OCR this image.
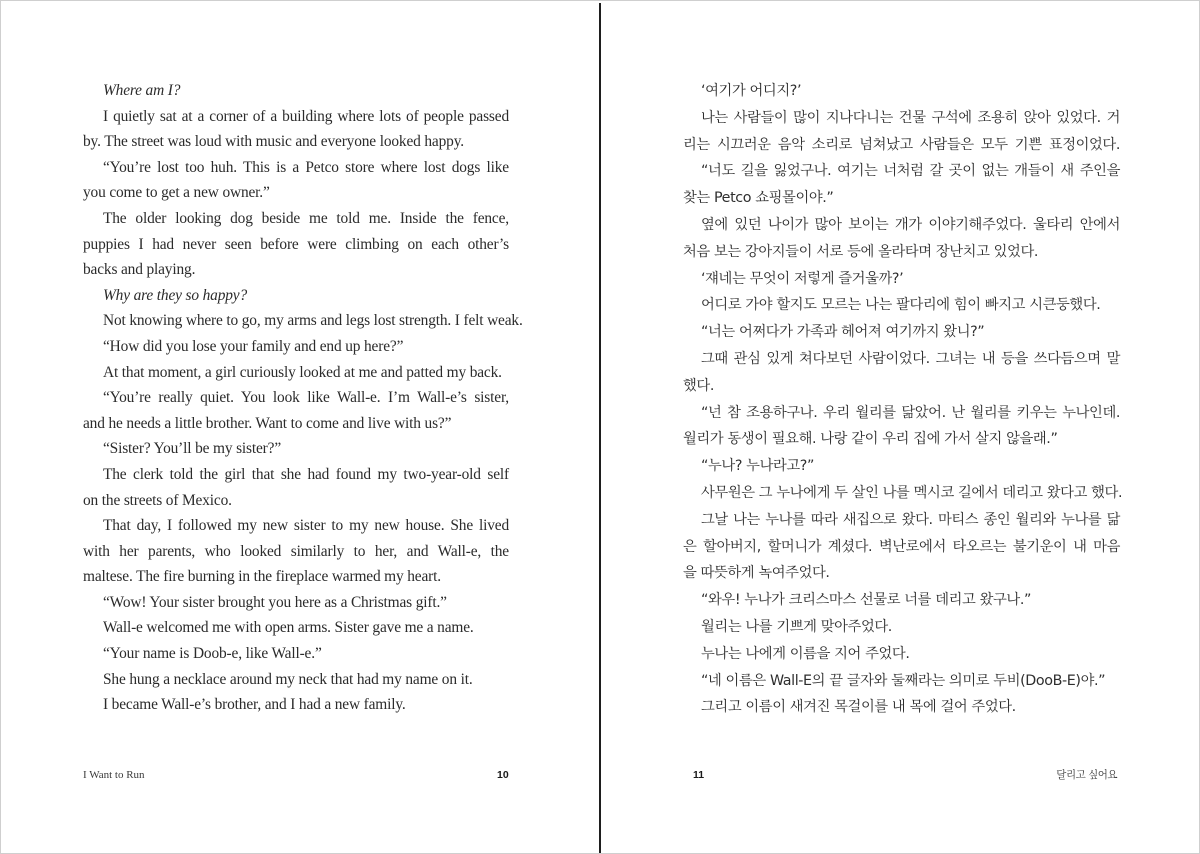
Where am I?
I quietly sat at a corner of a building where lots of people passed
by. The street was loud with music and everyone looked happy.
“You’re lost too huh. This is a Petco store where lost dogs like
you come to get a new owner.”
The older looking dog beside me told me. Inside the fence,
puppies I had never seen before were climbing on each other’s
backs and playing.
Why are they so happy?
Not knowing where to go, my arms and legs lost strength. I felt weak.
“How did you lose your family and end up here?”
At that moment, a girl curiously looked at me and patted my back.
“You’re really quiet. You look like Wall-e. I’m Wall-e’s sister,
and he needs a little brother. Want to come and live with us?”
“Sister? You’ll be my sister?”
The clerk told the girl that she had found my two-year-old self
on the streets of Mexico.
That day, I followed my new sister to my new house. She lived
with her parents, who looked similarly to her, and Wall-e, the
maltese. The fire burning in the fireplace warmed my heart.
“Wow! Your sister brought you here as a Christmas gift.”
Wall-e welcomed me with open arms. Sister gave me a name.
“Your name is Doob-e, like Wall-e.”
She hung a necklace around my neck that had my name on it.
I became Wall-e’s brother, and I had a new family.
I Want to Run	10
‘여기가 어디지?’
나는 사람들이 많이 지나다니는 건물 구석에 조용히 앉아 있었다. 거
리는 시끄러운 음악 소리로 넘쳐났고 사람들은 모두 기쁜 표정이었다.
“너도 길을 잃었구나. 여기는 너처럼 갈 곳이 없는 개들이 새 주인을
찾는 Petco 쇼핑몰이야.”
옆에 있던 나이가 많아 보이는 개가 이야기해주었다. 울타리 안에서
처음 보는 강아지들이 서로 등에 올라타며 장난치고 있었다.
‘쟤네는 무엇이 저렇게 즐거울까?’
어디로 가야 할지도 모르는 나는 팔다리에 힘이 빠지고 시큰둥했다.
“너는 어쩌다가 가족과 헤어져 여기까지 왔니?”
그때 관심 있게 쳐다보던 사람이었다. 그녀는 내 등을 쓰다듬으며 말
했다.
“넌 참 조용하구나. 우리 월리를 닮았어. 난 월리를 키우는 누나인데.
월리가 동생이 필요해. 나랑 같이 우리 집에 가서 살지 않을래.”
“누나? 누나라고?”
사무원은 그 누나에게 두 살인 나를 멕시코 길에서 데리고 왔다고 했다.
그날 나는 누나를 따라 새집으로 왔다. 마티스 종인 월리와 누나를 닮
은 할아버지, 할머니가 계셨다. 벽난로에서 타오르는 불기운이 내 마음
을 따뜻하게 녹여주었다.
“와우! 누나가 크리스마스 선물로 너를 데리고 왔구나.”
월리는 나를 기쁘게 맞아주었다.
누나는 나에게 이름을 지어 주었다.
“네 이름은 Wall-E의 끝 글자와 둘째라는 의미로 두비(DooB-E)야.”
그리고 이름이 새겨진 목걸이를 내 목에 걸어 주었다.
11	달리고 싶어요
